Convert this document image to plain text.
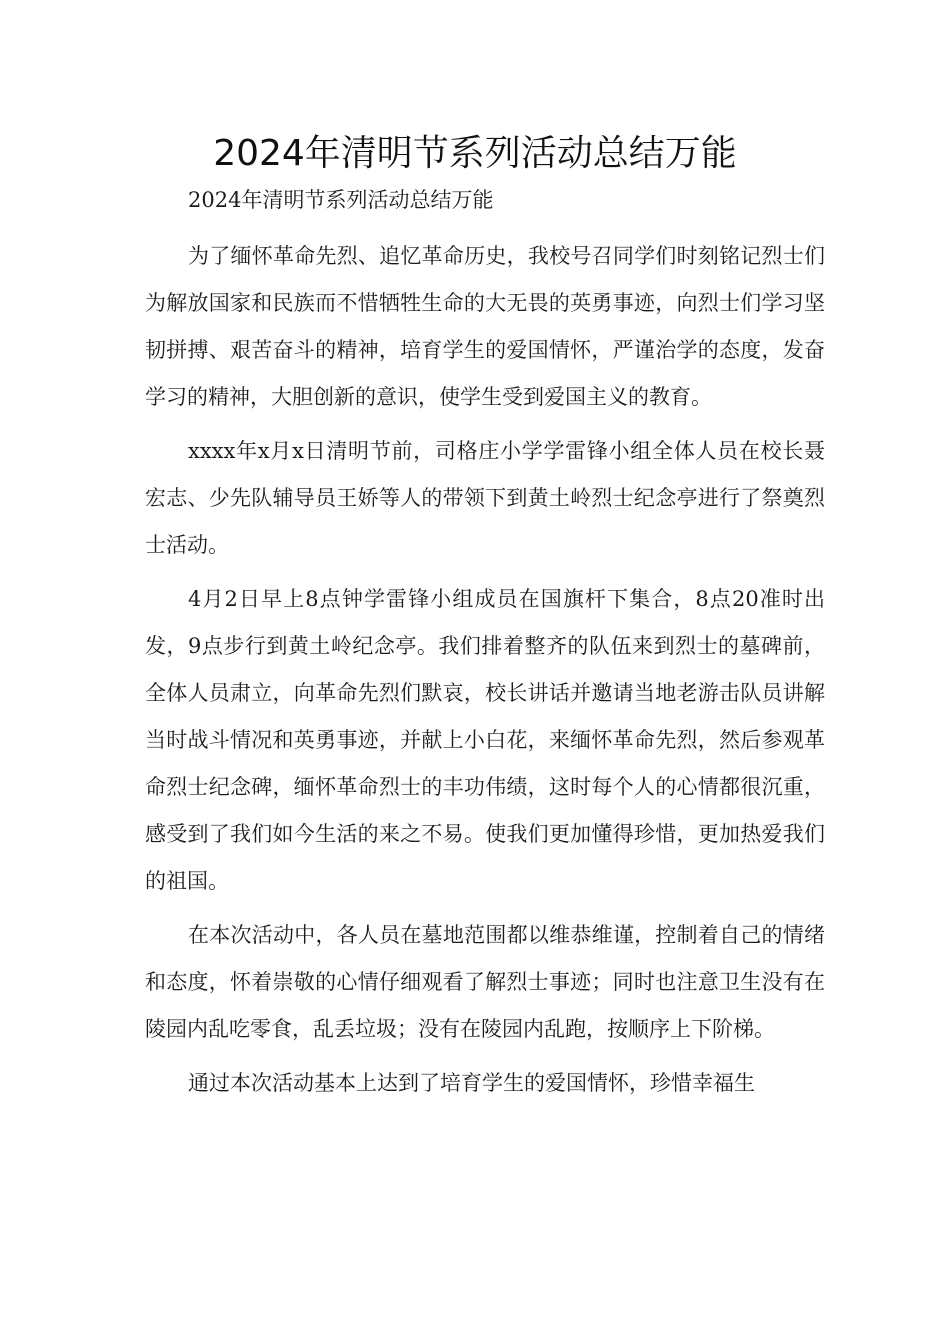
2024年清明节系列活动总结万能
2024年清明节系列活动总结万能

为了缅怀革命先烈、追忆革命历史，我校号召同学们时刻铭记烈士们为解放国家和民族而不惜牺牲生命的大无畏的英勇事迹，向烈士们学习坚韧拼搏、艰苦奋斗的精神，培育学生的爱国情怀，严谨治学的态度，发奋学习的精神，大胆创新的意识，使学生受到爱国主义的教育。

xxxx年x月x日清明节前，司格庄小学学雷锋小组全体人员在校长聂宏志、少先队辅导员王娇等人的带领下到黄土岭烈士纪念亭进行了祭奠烈士活动。

4月2日早上8点钟学雷锋小组成员在国旗杆下集合，8点20准时出发，9点步行到黄土岭纪念亭。我们排着整齐的队伍来到烈士的墓碑前，全体人员肃立，向革命先烈们默哀，校长讲话并邀请当地老游击队员讲解当时战斗情况和英勇事迹，并献上小白花，来缅怀革命先烈，然后参观革命烈士纪念碑，缅怀革命烈士的丰功伟绩，这时每个人的心情都很沉重，感受到了我们如今生活的来之不易。使我们更加懂得珍惜，更加热爱我们的祖国。

在本次活动中，各人员在墓地范围都以维恭维谨，控制着自己的情绪和态度，怀着崇敬的心情仔细观看了解烈士事迹；同时也注意卫生没有在陵园内乱吃零食，乱丢垃圾；没有在陵园内乱跑，按顺序上下阶梯。

通过本次活动基本上达到了培育学生的爱国情怀，珍惜幸福生
